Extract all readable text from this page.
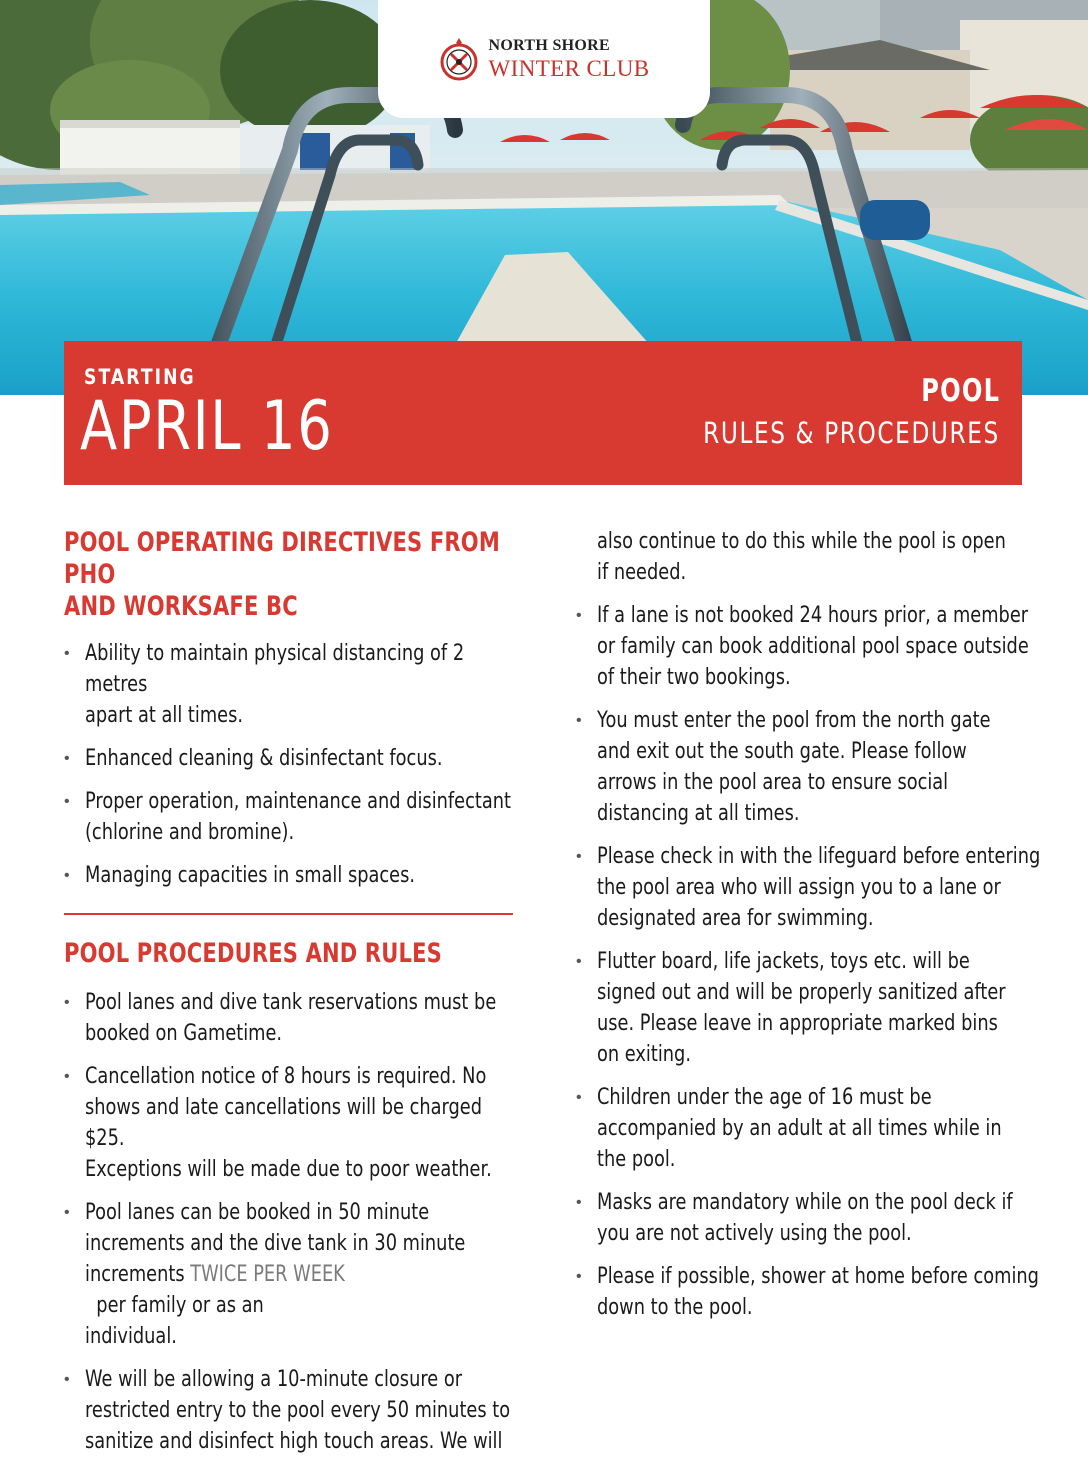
NORTH SHORE
WINTER CLUB
STARTING
APRIL 16	POOL
RULES & PROCEDURES
POOL OPERATING DIRECTIVES FROM PHO
AND WORKSAFE BC
• Ability to maintain physical distancing of 2 metres
apart at all times.
• Enhanced cleaning & disinfectant focus.
• Proper operation, maintenance and disinfectant
(chlorine and bromine).
• Managing capacities in small spaces.
POOL PROCEDURES AND RULES
• Pool lanes and dive tank reservations must be
booked on Gametime.
• Cancellation notice of 8 hours is required. No
shows and late cancellations will be charged $25.
Exceptions will be made due to poor weather.
• Pool lanes can be booked in 50 minute
increments and the dive tank in 30 minute
increments TWICE PER WEEK  per family or as an
individual.
• We will be allowing a 10-minute closure or
restricted entry to the pool every 50 minutes to
sanitize and disinfect high touch areas. We will
also continue to do this while the pool is open
if needed.
• If a lane is not booked 24 hours prior, a member
or family can book additional pool space outside
of their two bookings.
• You must enter the pool from the north gate
and exit out the south gate. Please follow
arrows in the pool area to ensure social
distancing at all times.
• Please check in with the lifeguard before entering
the pool area who will assign you to a lane or
designated area for swimming.
• Flutter board, life jackets, toys etc. will be
signed out and will be properly sanitized after
use. Please leave in appropriate marked bins
on exiting.
• Children under the age of 16 must be
accompanied by an adult at all times while in
the pool.
• Masks are mandatory while on the pool deck if
you are not actively using the pool.
• Please if possible, shower at home before coming
down to the pool.
